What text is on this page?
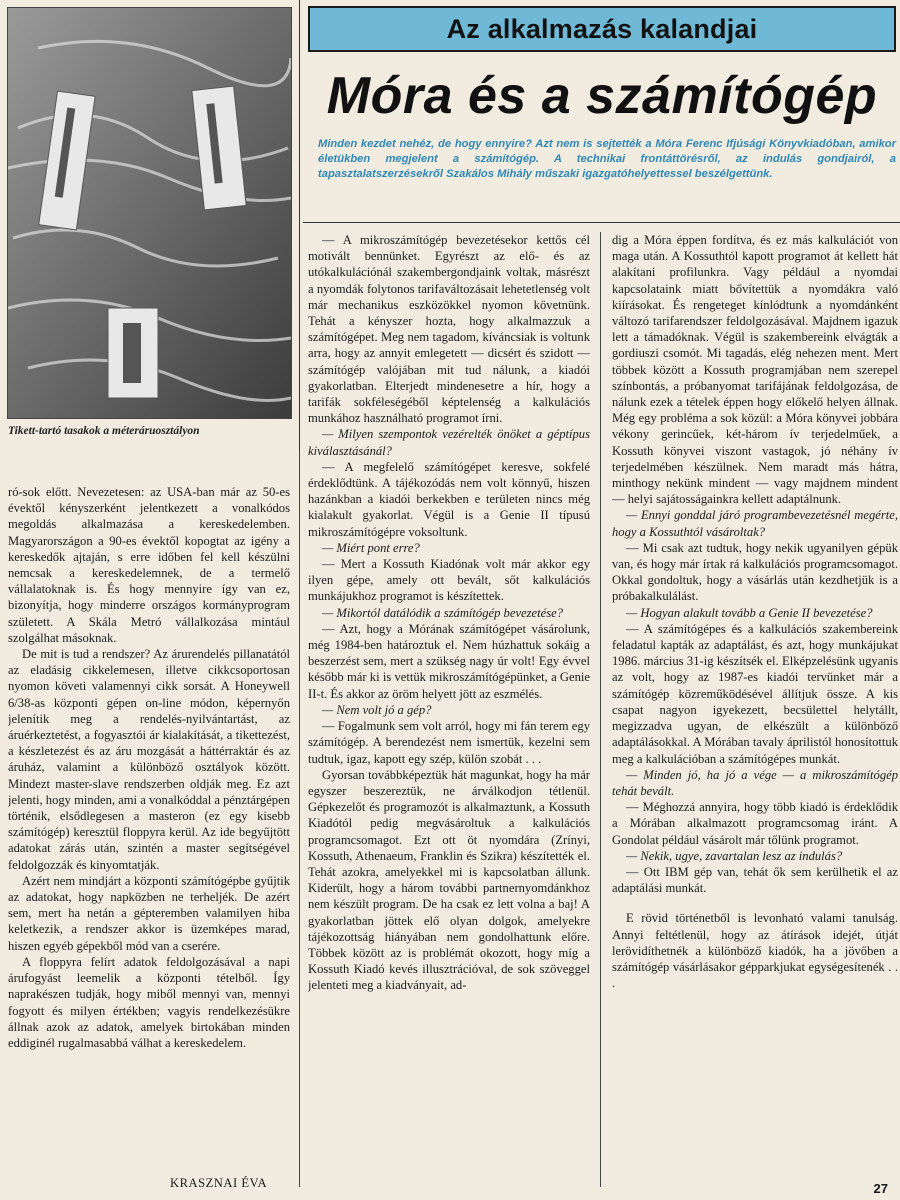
Tikett-tartó tasakok a méteráruosztályon
Az alkalmazás kalandjai
Móra és a számítógép
Minden kezdet nehéz, de hogy ennyire? Azt nem is sejtették a Móra Ferenc Ifjúsági Könyvkiadóban, amikor életükben megjelent a számítógép. A technikai frontáttörésről, az indulás gondjairól, a tapasztalatszerzésekről Szakálos Mihály műszaki igazgatóhelyettessel beszélgettünk.

ró-sok előtt. Nevezetesen: az USA-ban már az 50-es évektől kényszerként jelentkezett a vonalkódos megoldás alkalmazása a kereskedelemben. Magyarországon a 90-es évektől kopogtat az igény a kereskedők ajtaján, s erre időben fel kell készülni nemcsak a kereskedelemnek, de a termelő vállalatoknak is. És hogy mennyire így van ez, bizonyítja, hogy minderre országos kormányprogram született. A Skála Metró vállalkozása mintául szolgálhat másoknak.

De mit is tud a rendszer? Az árurendelés pillanatától az eladásig cikkelemesen, illetve cikkcsoportosan nyomon követi valamennyi cikk sorsát. A Honeywell 6/38-as központi gépen on-line módon, képernyőn jelenítik meg a rendelés-nyilvántartást, az áruérkeztetést, a fogyasztói ár kialakítását, a tikettezést, a készletezést és az áru mozgását a háttérraktár és az áruház, valamint a különböző osztályok között. Mindezt master-slave rendszerben oldják meg. Ez azt jelenti, hogy minden, ami a vonalkóddal a pénztárgépen történik, elsődlegesen a masteron (ez egy kisebb számítógép) keresztül floppyra kerül. Az ide begyűjtött adatokat zárás után, szintén a master segítségével feldolgozzák és kinyomtatják.

Azért nem mindjárt a központi számítógépbe gyűjtik az adatokat, hogy napközben ne terheljék. De azért sem, mert ha netán a gépteremben valamilyen hiba keletkezik, a rendszer akkor is üzemképes marad, hiszen egyéb gépekből mód van a cserére.

A floppyra felírt adatok feldolgozásával a napi árufogyást leemelik a központi tételből. Így naprakészen tudják, hogy miből mennyi van, mennyi fogyott és milyen értékben; vagyis rendelkezésükre állnak azok az adatok, amelyek birtokában minden eddiginél rugalmasabbá válhat a kereskedelem.

— A mikroszámítógép bevezetésekor kettős cél motivált bennünket. Egyrészt az elő- és az utókalkulációnál szakembergondjaink voltak, másrészt a nyomdák folytonos tarifaváltozásait lehetetlenség volt már mechanikus eszközökkel nyomon követnünk. Tehát a kényszer hozta, hogy alkalmazzuk a számítógépet. Meg nem tagadom, kíváncsiak is voltunk arra, hogy az annyit emlegetett — dicsért és szidott — számítógép valójában mit tud nálunk, a kiadói gyakorlatban. Elterjedt mindenesetre a hír, hogy a tarifák sokféleségéből képtelenség a kalkulációs munkához használható programot írni.

— Milyen szempontok vezérelték önöket a géptípus kiválasztásánál?

— A megfelelő számítógépet keresve, sokfelé érdeklődtünk. A tájékozódás nem volt könnyű, hiszen hazánkban a kiadói berkekben e területen nincs még kialakult gyakorlat. Végül is a Genie II típusú mikroszámítógépre voksoltunk.

— Miért pont erre?

— Mert a Kossuth Kiadónak volt már akkor egy ilyen gépe, amely ott bevált, sőt kalkulációs munkájukhoz programot is készítettek.

— Mikortól datálódik a számítógép bevezetése?

— Azt, hogy a Mórának számítógépet vásárolunk, még 1984-ben határoztuk el. Nem húzhattuk sokáig a beszerzést sem, mert a szükség nagy úr volt! Egy évvel később már ki is vettük mikroszámítógépünket, a Genie II-t. És akkor az öröm helyett jött az eszmélés.

— Nem volt jó a gép?

— Fogalmunk sem volt arról, hogy mi fán terem egy számítógép. A berendezést nem ismertük, kezelni sem tudtuk, igaz, kapott egy szép, külön szobát . . .

Gyorsan továbbképeztük hát magunkat, hogy ha már egyszer beszereztük, ne árválkodjon tétlenül. Gépkezelőt és programozót is alkalmaztunk, a Kossuth Kiadótól pedig megvásároltuk a kalkulációs programcsomagot. Ezt ott öt nyomdára (Zrínyi, Kossuth, Athenaeum, Franklin és Szikra) készítették el. Tehát azokra, amelyekkel mi is kapcsolatban állunk. Kiderült, hogy a három további partnernyomdánkhoz nem készült program. De ha csak ez lett volna a baj! A gyakorlatban jöttek elő olyan dolgok, amelyekre tájékozottság hiányában nem gondolhattunk előre. Többek között az is problémát okozott, hogy míg a Kossuth Kiadó kevés illusztrációval, de sok szöveggel jelenteti meg a kiadványait, ad-

dig a Móra éppen fordítva, és ez más kalkulációt von maga után. A Kossuthtól kapott programot át kellett hát alakítani profilunkra. Vagy például a nyomdai kapcsolataink miatt bővítettük a nyomdákra való kiírásokat. És rengeteget kínlódtunk a nyomdánként változó tarifarendszer feldolgozásával. Majdnem igazuk lett a támadóknak. Végül is szakembereink elvágták a gordiuszi csomót. Mi tagadás, elég nehezen ment. Mert többek között a Kossuth programjában nem szerepel színbontás, a próbanyomat tarifájának feldolgozása, de nálunk ezek a tételek éppen hogy előkelő helyen állnak. Még egy probléma a sok közül: a Móra könyvei jobbára vékony gerincűek, két-három ív terjedelműek, a Kossuth könyvei viszont vastagok, jó néhány ív terjedelmében készülnek. Nem maradt más hátra, minthogy nekünk mindent — vagy majdnem mindent — helyi sajátosságainkra kellett adaptálnunk.

— Ennyi gonddal járó programbevezetésnél megérte, hogy a Kossuthtól vásároltak?

— Mi csak azt tudtuk, hogy nekik ugyanilyen gépük van, és hogy már írtak rá kalkulációs programcsomagot. Okkal gondoltuk, hogy a vásárlás után kezdhetjük is a próbakalkulálást.

— Hogyan alakult tovább a Genie II bevezetése?

— A számítógépes és a kalkulációs szakembereink feladatul kapták az adaptálást, és azt, hogy munkájukat 1986. március 31-ig készítsék el. Elképzelésünk ugyanis az volt, hogy az 1987-es kiadói tervünket már a számítógép közreműködésével állítjuk össze. A kis csapat nagyon igyekezett, becsülettel helytállt, megizzadva ugyan, de elkészült a különböző adaptálásokkal. A Mórában tavaly áprilistól honosítottuk meg a kalkulációban a számítógépes munkát.

— Minden jó, ha jó a vége — a mikroszámítógép tehát bevált.

— Méghozzá annyira, hogy több kiadó is érdeklődik a Mórában alkalmazott programcsomag iránt. A Gondolat például vásárolt már tőlünk programot.

— Nekik, ugye, zavartalan lesz az indulás?

— Ott IBM gép van, tehát ők sem kerülhetik el az adaptálási munkát.

E rövid történetből is levonható valami tanulság. Annyi feltétlenül, hogy az átírások idejét, útját lerövidíthetnék a különböző kiadók, ha a jövőben a számítógép vásárlásakor gépparkjukat egységesítenék . . .

KRASZNAI ÉVA	27
